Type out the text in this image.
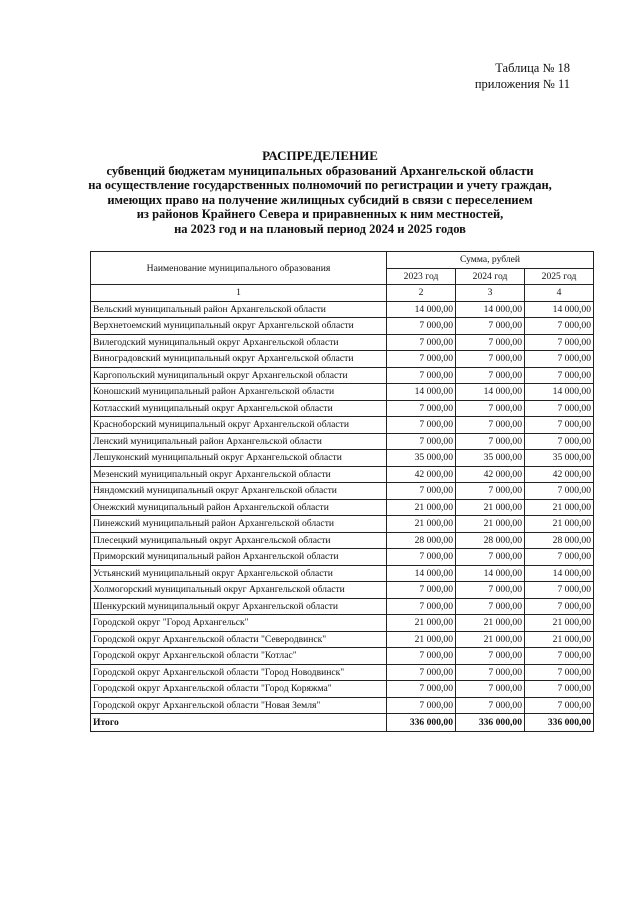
Таблица № 18
приложения № 11
РАСПРЕДЕЛЕНИЕ
субвенций бюджетам муниципальных образований Архангельской области
на осуществление государственных полномочий по регистрации и учету граждан,
имеющих право на получение жилищных субсидий в связи с переселением
из районов Крайнего Севера и приравненных к ним местностей,
на 2023 год и на плановый период 2024 и 2025 годов
Наименование муниципального образования	Сумма, рублей		
	2023 год	2024 год	2025 год
1	2	3	4
Вельский муниципальный район Архангельской области	14 000,00	14 000,00	14 000,00
Верхнетоемский муниципальный округ Архангельской области	7 000,00	7 000,00	7 000,00
Вилегодский муниципальный округ Архангельской области	7 000,00	7 000,00	7 000,00
Виноградовский муниципальный округ Архангельской области	7 000,00	7 000,00	7 000,00
Каргопольский муниципальный округ Архангельской области	7 000,00	7 000,00	7 000,00
Коношский муниципальный район Архангельской области	14 000,00	14 000,00	14 000,00
Котласский муниципальный округ Архангельской области	7 000,00	7 000,00	7 000,00
Красноборский муниципальный округ Архангельской области	7 000,00	7 000,00	7 000,00
Ленский муниципальный район Архангельской области	7 000,00	7 000,00	7 000,00
Лешуконский муниципальный округ Архангельской области	35 000,00	35 000,00	35 000,00
Мезенский муниципальный округ Архангельской области	42 000,00	42 000,00	42 000,00
Няндомский муниципальный округ Архангельской области	7 000,00	7 000,00	7 000,00
Онежский муниципальный район Архангельской области	21 000,00	21 000,00	21 000,00
Пинежский муниципальный район Архангельской области	21 000,00	21 000,00	21 000,00
Плесецкий муниципальный округ Архангельской области	28 000,00	28 000,00	28 000,00
Приморский муниципальный район Архангельской области	7 000,00	7 000,00	7 000,00
Устьянский муниципальный округ Архангельской области	14 000,00	14 000,00	14 000,00
Холмогорский муниципальный округ Архангельской области	7 000,00	7 000,00	7 000,00
Шенкурский муниципальный округ Архангельской области	7 000,00	7 000,00	7 000,00
Городской округ "Город Архангельск"	21 000,00	21 000,00	21 000,00
Городской округ Архангельской области "Северодвинск"	21 000,00	21 000,00	21 000,00
Городской округ Архангельской области "Котлас"	7 000,00	7 000,00	7 000,00
Городской округ Архангельской области "Город Новодвинск"	7 000,00	7 000,00	7 000,00
Городской округ Архангельской области "Город Коряжма"	7 000,00	7 000,00	7 000,00
Городской округ Архангельской области "Новая Земля"	7 000,00	7 000,00	7 000,00
Итого	336 000,00	336 000,00	336 000,00
